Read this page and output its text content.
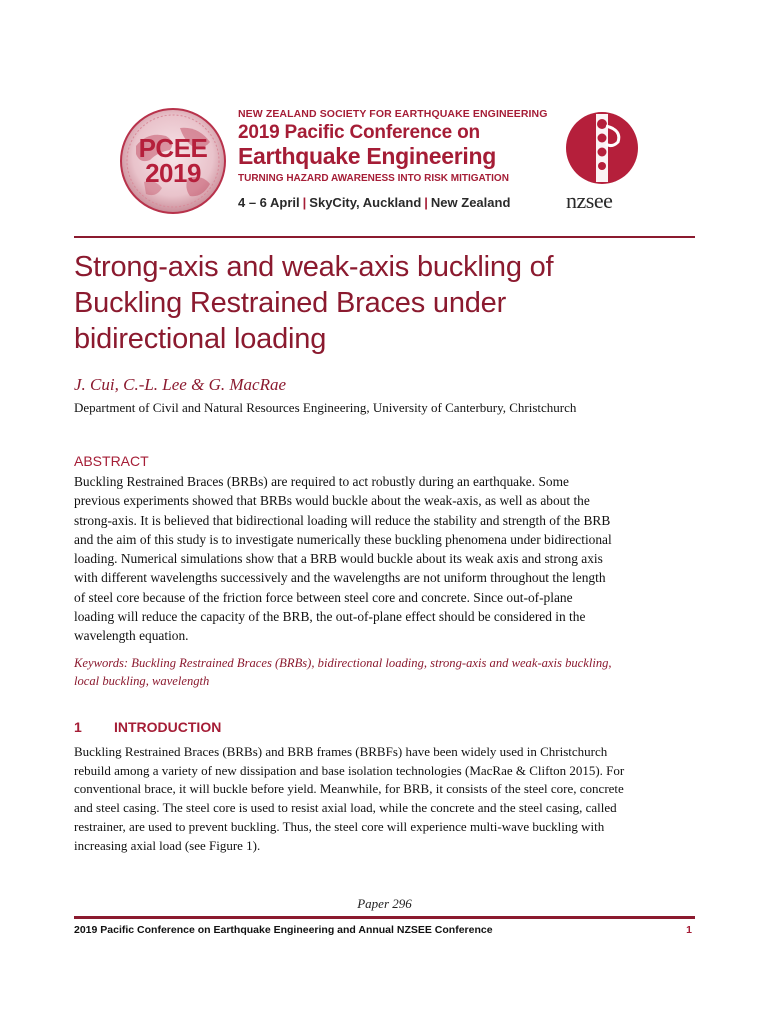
PCEE
2019
NEW ZEALAND SOCIETY FOR EARTHQUAKE ENGINEERING
2019 Pacific Conference on
Earthquake Engineering
TURNING HAZARD AWARENESS INTO RISK MITIGATION
4 – 6 April | SkyCity, Auckland | New Zealand	nzsee
Strong-axis and weak-axis buckling of
Buckling Restrained Braces under
bidirectional loading
J. Cui, C.-L. Lee & G. MacRae
Department of Civil and Natural Resources Engineering, University of Canterbury, Christchurch
ABSTRACT
Buckling Restrained Braces (BRBs) are required to act robustly during an earthquake. Some
previous experiments showed that BRBs would buckle about the weak-axis, as well as about the
strong-axis. It is believed that bidirectional loading will reduce the stability and strength of the BRB
and the aim of this study is to investigate numerically these buckling phenomena under bidirectional
loading. Numerical simulations show that a BRB would buckle about its weak axis and strong axis
with different wavelengths successively and the wavelengths are not uniform throughout the length
of steel core because of the friction force between steel core and concrete. Since out-of-plane
loading will reduce the capacity of the BRB, the out-of-plane effect should be considered in the
wavelength equation.
Keywords: Buckling Restrained Braces (BRBs), bidirectional loading, strong-axis and weak-axis buckling,
local buckling, wavelength
1 INTRODUCTION
Buckling Restrained Braces (BRBs) and BRB frames (BRBFs) have been widely used in Christchurch
rebuild among a variety of new dissipation and base isolation technologies (MacRae & Clifton 2015). For
conventional brace, it will buckle before yield. Meanwhile, for BRB, it consists of the steel core, concrete
and steel casing. The steel core is used to resist axial load, while the concrete and the steel casing, called
restrainer, are used to prevent buckling. Thus, the steel core will experience multi-wave buckling with
increasing axial load (see Figure 1).
Paper 296
2019 Pacific Conference on Earthquake Engineering and Annual NZSEE Conference	1
